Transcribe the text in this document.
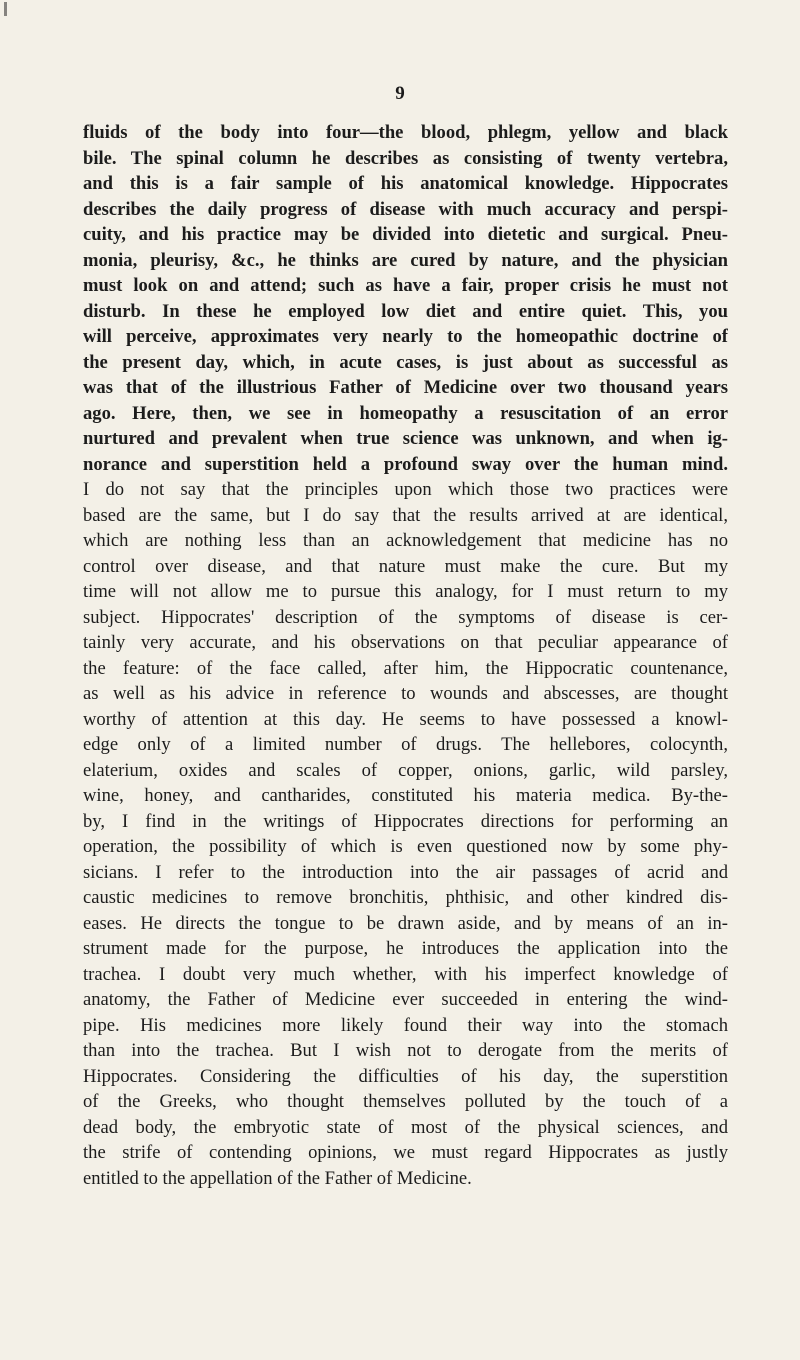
9
fluids of the body into four—the blood, phlegm, yellow and black
bile. The spinal column he describes as consisting of twenty vertebra,
and this is a fair sample of his anatomical knowledge. Hippocrates
describes the daily progress of disease with much accuracy and perspi-
cuity, and his practice may be divided into dietetic and surgical. Pneu-
monia, pleurisy, &c., he thinks are cured by nature, and the physician
must look on and attend; such as have a fair, proper crisis he must not
disturb. In these he employed low diet and entire quiet. This, you
will perceive, approximates very nearly to the homeopathic doctrine of
the present day, which, in acute cases, is just about as successful as
was that of the illustrious Father of Medicine over two thousand years
ago. Here, then, we see in homeopathy a resuscitation of an error
nurtured and prevalent when true science was unknown, and when ig-
norance and superstition held a profound sway over the human mind.
I do not say that the principles upon which those two practices were
based are the same, but I do say that the results arrived at are identical,
which are nothing less than an acknowledgement that medicine has no
control over disease, and that nature must make the cure. But my
time will not allow me to pursue this analogy, for I must return to my
subject. Hippocrates' description of the symptoms of disease is cer-
tainly very accurate, and his observations on that peculiar appearance of
the feature: of the face called, after him, the Hippocratic countenance,
as well as his advice in reference to wounds and abscesses, are thought
worthy of attention at this day. He seems to have possessed a knowl-
edge only of a limited number of drugs. The hellebores, colocynth,
elaterium, oxides and scales of copper, onions, garlic, wild parsley,
wine, honey, and cantharides, constituted his materia medica. By-the-
by, I find in the writings of Hippocrates directions for performing an
operation, the possibility of which is even questioned now by some phy-
sicians. I refer to the introduction into the air passages of acrid and
caustic medicines to remove bronchitis, phthisic, and other kindred dis-
eases. He directs the tongue to be drawn aside, and by means of an in-
strument made for the purpose, he introduces the application into the
trachea. I doubt very much whether, with his imperfect knowledge of
anatomy, the Father of Medicine ever succeeded in entering the wind-
pipe. His medicines more likely found their way into the stomach
than into the trachea. But I wish not to derogate from the merits of
Hippocrates. Considering the difficulties of his day, the superstition
of the Greeks, who thought themselves polluted by the touch of a
dead body, the embryotic state of most of the physical sciences, and
the strife of contending opinions, we must regard Hippocrates as justly
entitled to the appellation of the Father of Medicine.
